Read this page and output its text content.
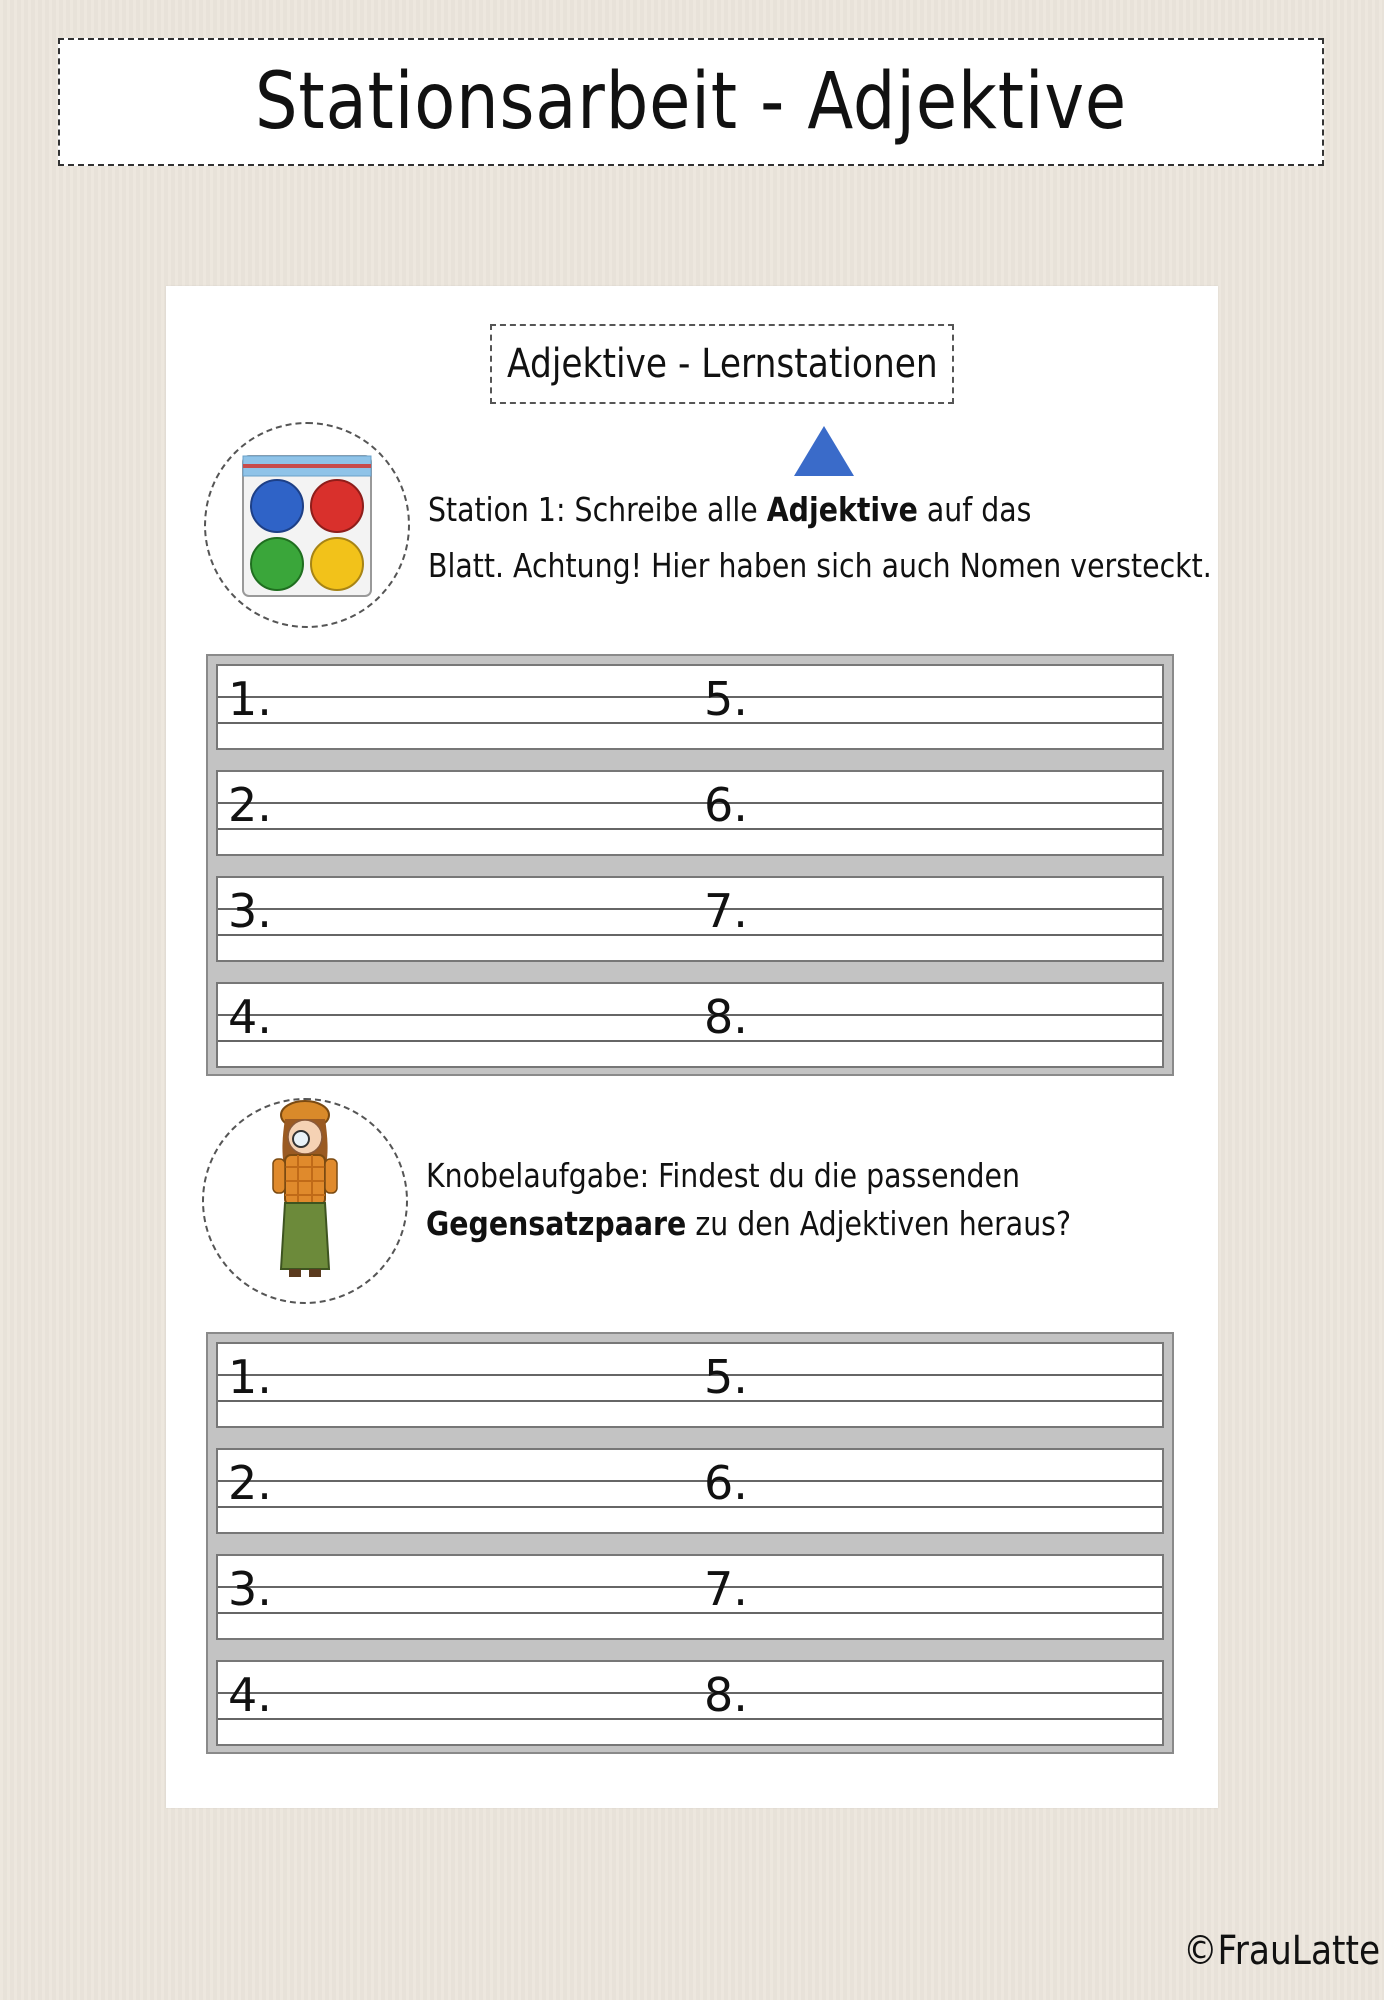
Stationsarbeit - Adjektive
Adjektive - Lernstationen
Station 1: Schreibe alle Adjektive auf das
Blatt. Achtung! Hier haben sich auch Nomen versteckt.
1.	5.
2.	6.
3.	7.
4.	8.
Knobelaufgabe: Findest du die passenden
Gegensatzpaare zu den Adjektiven heraus?
1.	5.
2.	6.
3.	7.
4.	8.
©FrauLatte
